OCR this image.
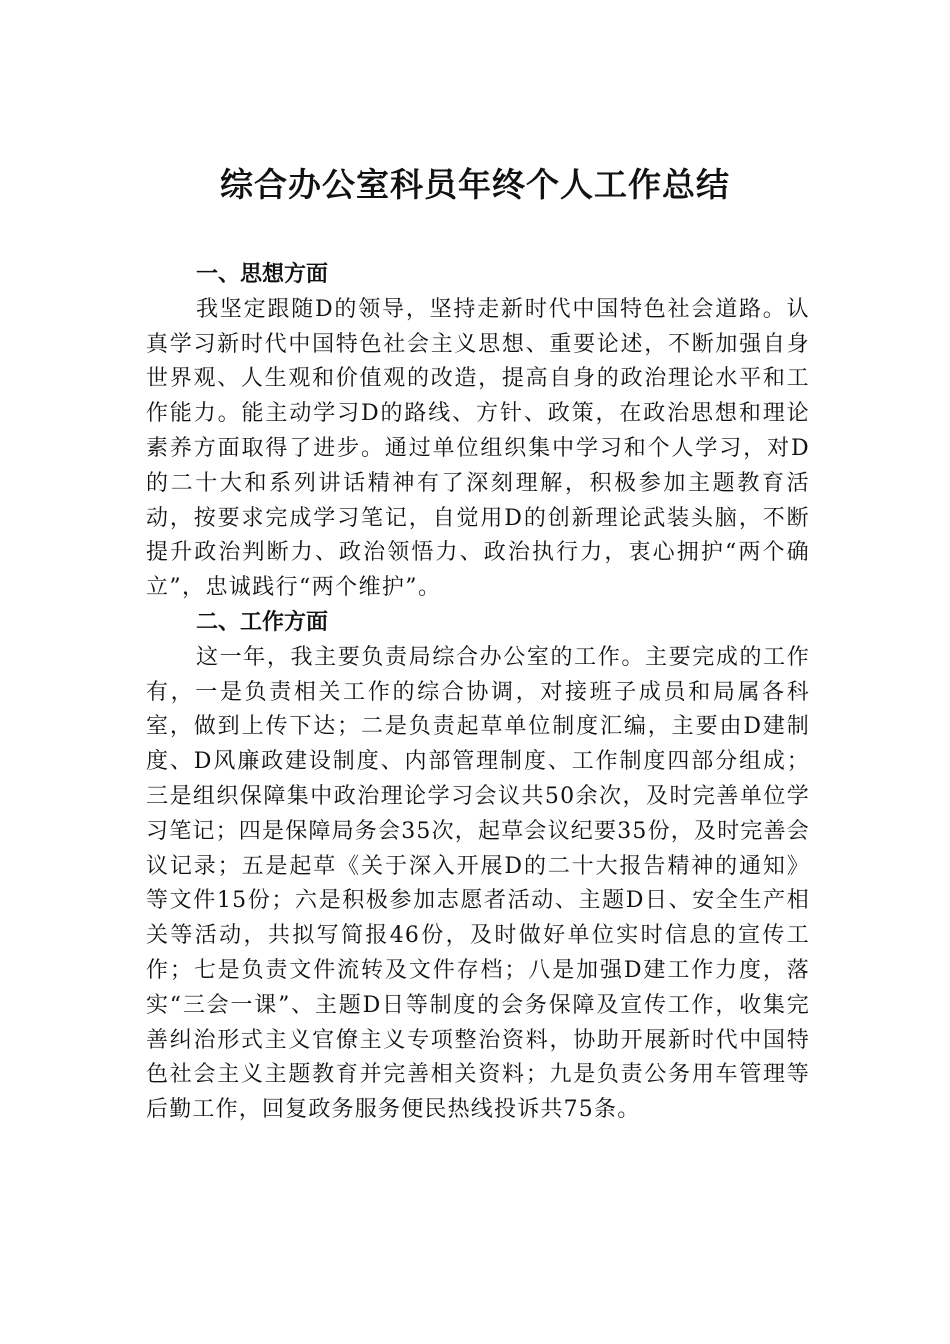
综合办公室科员年终个人工作总结
一、思想方面

我坚定跟随D的领导，坚持走新时代中国特色社会道路。认真学习新时代中国特色社会主义思想、重要论述，不断加强自身世界观、人生观和价值观的改造，提高自身的政治理论水平和工作能力。能主动学习D的路线、方针、政策，在政治思想和理论素养方面取得了进步。通过单位组织集中学习和个人学习，对D的二十大和系列讲话精神有了深刻理解，积极参加主题教育活动，按要求完成学习笔记，自觉用D的创新理论武装头脑，不断提升政治判断力、政治领悟力、政治执行力，衷心拥护“两个确立”，忠诚践行“两个维护”。

二、工作方面

这一年，我主要负责局综合办公室的工作。主要完成的工作有，一是负责相关工作的综合协调，对接班子成员和局属各科室，做到上传下达；二是负责起草单位制度汇编，主要由D建制度、D风廉政建设制度、内部管理制度、工作制度四部分组成；三是组织保障集中政治理论学习会议共50余次，及时完善单位学习笔记；四是保障局务会35次，起草会议纪要35份，及时完善会议记录；五是起草《关于深入开展D的二十大报告精神的通知》等文件15份；六是积极参加志愿者活动、主题D日、安全生产相关等活动，共拟写简报46份，及时做好单位实时信息的宣传工作；七是负责文件流转及文件存档；八是加强D建工作力度，落实“三会一课”、主题D日等制度的会务保障及宣传工作，收集完善纠治形式主义官僚主义专项整治资料，协助开展新时代中国特色社会主义主题教育并完善相关资料；九是负责公务用车管理等后勤工作，回复政务服务便民热线投诉共75条。
